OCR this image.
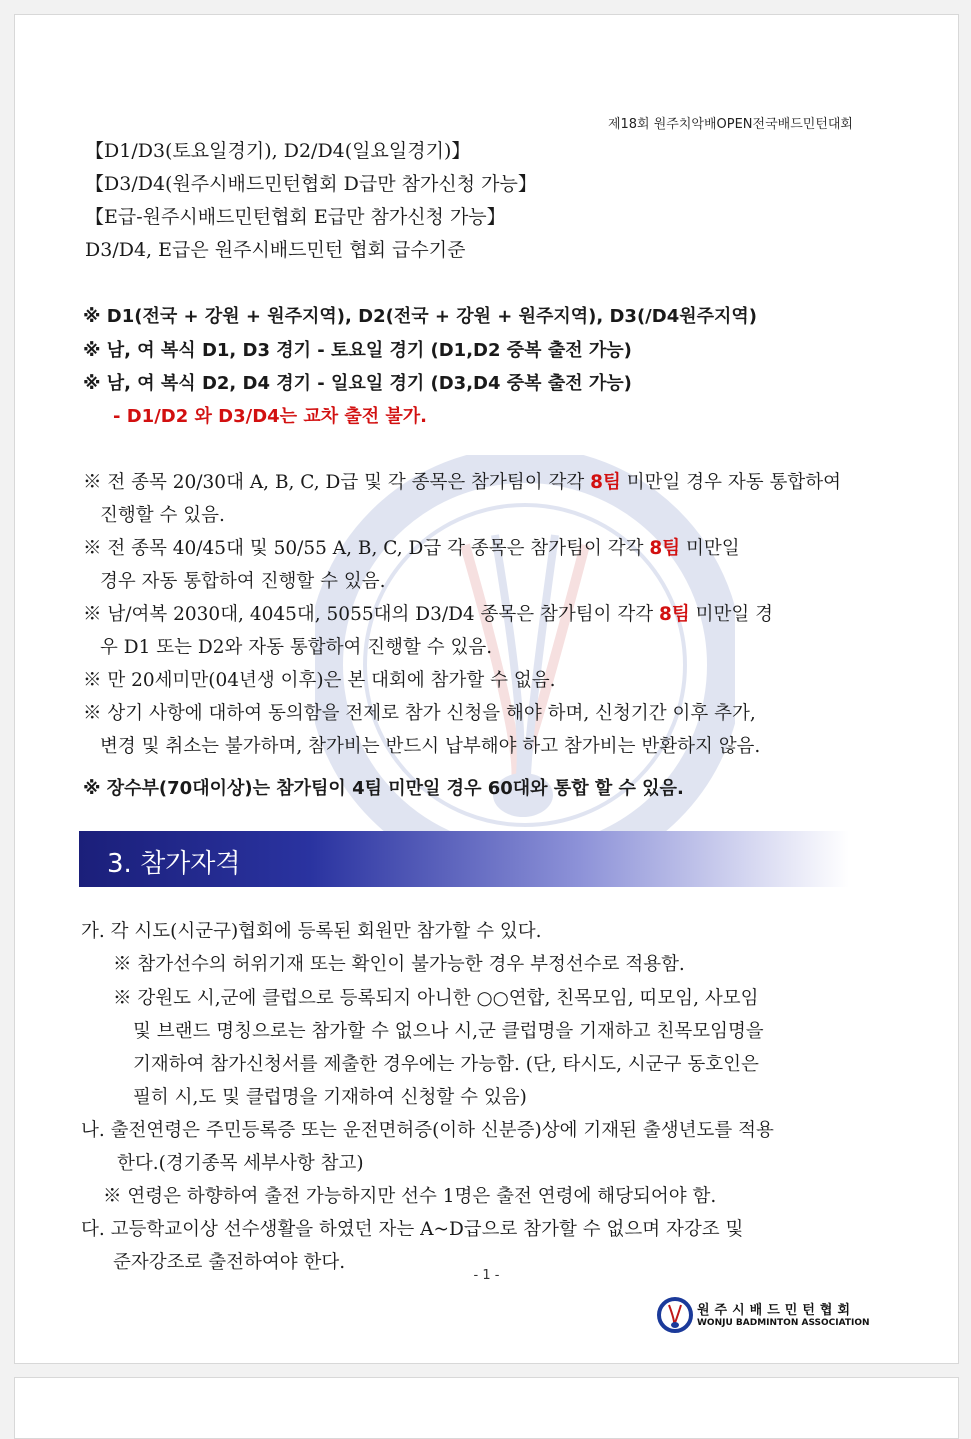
제18회 원주치악배OPEN전국배드민턴대회
【D1/D3(토요일경기), D2/D4(일요일경기)】
【D3/D4(원주시배드민턴협회 D급만 참가신청 가능】
【E급-원주시배드민턴협회 E급만 참가신청 가능】
D3/D4, E급은 원주시배드민턴 협회 급수기준
※ D1(전국 + 강원 + 원주지역), D2(전국 + 강원 + 원주지역), D3(/D4원주지역)
※ 남, 여 복식 D1, D3 경기 - 토요일 경기 (D1,D2 중복 출전 가능)
※ 남, 여 복식 D2, D4 경기 - 일요일 경기 (D3,D4 중복 출전 가능)
- D1/D2 와 D3/D4는 교차 출전 불가.
※ 전 종목 20/30대 A, B, C, D급 및 각 종목은 참가팀이 각각 8팀 미만일 경우 자동 통합하여
진행할 수 있음.
※ 전 종목 40/45대 및 50/55 A, B, C, D급 각 종목은 참가팀이 각각 8팀 미만일
경우 자동 통합하여 진행할 수 있음.
※ 남/여복 2030대, 4045대, 5055대의 D3/D4 종목은 참가팀이 각각 8팀 미만일 경
우 D1 또는 D2와 자동 통합하여 진행할 수 있음.
※ 만 20세미만(04년생 이후)은 본 대회에 참가할 수 없음.
※ 상기 사항에 대하여 동의함을 전제로 참가 신청을 해야 하며, 신청기간 이후 추가,
변경 및 취소는 불가하며, 참가비는 반드시 납부해야 하고 참가비는 반환하지 않음.
※ 장수부(70대이상)는 참가팀이 4팀 미만일 경우 60대와 통합 할 수 있음.
3. 참가자격
가. 각 시도(시군구)협회에 등록된 회원만 참가할 수 있다.
※ 참가선수의 허위기재 또는 확인이 불가능한 경우 부정선수로 적용함.
※ 강원도 시,군에 클럽으로 등록되지 아니한 ○○연합, 친목모임, 띠모임, 사모임
및 브랜드 명칭으로는 참가할 수 없으나 시,군 클럽명을 기재하고 친목모임명을
기재하여 참가신청서를 제출한 경우에는 가능함. (단, 타시도, 시군구 동호인은
필히 시,도 및 클럽명을 기재하여 신청할 수 있음)
나. 출전연령은 주민등록증 또는 운전면허증(이하 신분증)상에 기재된 출생년도를 적용
한다.(경기종목 세부사항 참고)
※ 연령은 하향하여 출전 가능하지만 선수 1명은 출전 연령에 해당되어야 함.
다. 고등학교이상 선수생활을 하였던 자는 A~D급으로 참가할 수 없으며 자강조 및
준자강조로 출전하여야 한다.
- 1 -
원주시배드민턴협회
WONJU BADMINTON ASSOCIATION
